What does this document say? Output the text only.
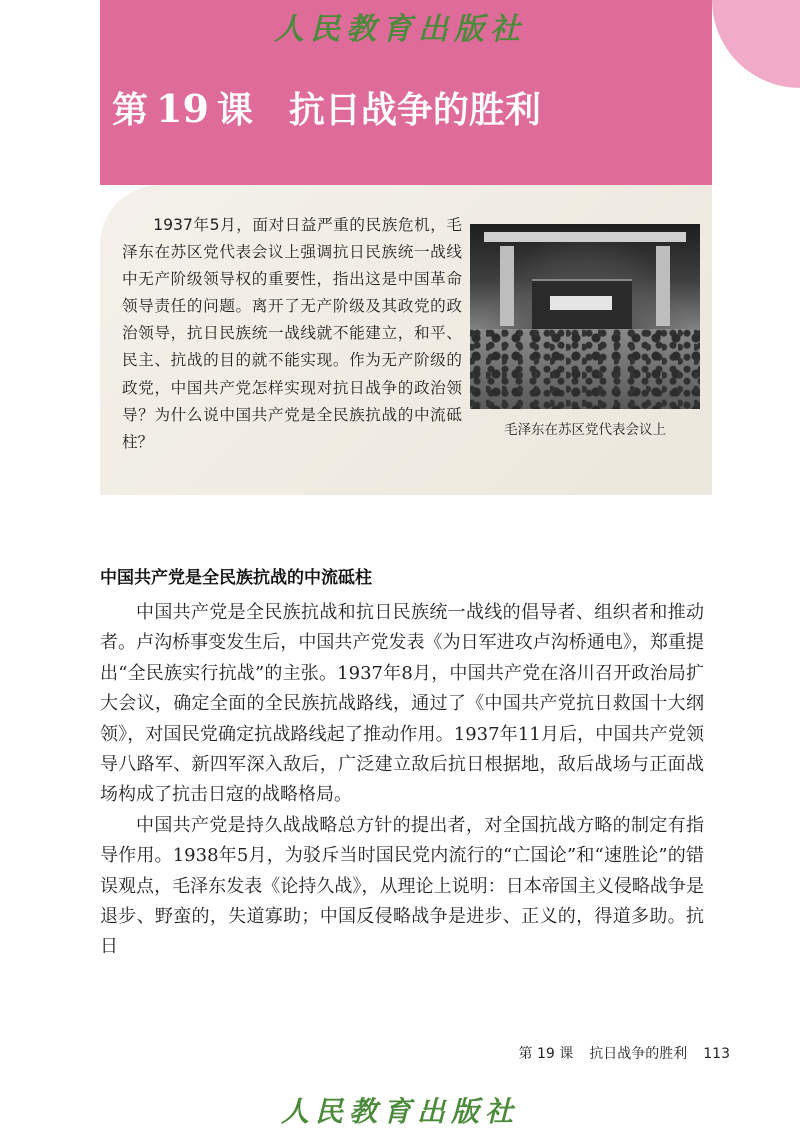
人民教育出版社
第 19 课 抗日战争的胜利
1937年5月，面对日益严重的民族危机，毛泽东在苏区党代表会议上强调抗日民族统一战线中无产阶级领导权的重要性，指出这是中国革命领导责任的问题。离开了无产阶级及其政党的政治领导，抗日民族统一战线就不能建立，和平、民主、抗战的目的就不能实现。作为无产阶级的政党，中国共产党怎样实现对抗日战争的政治领导？为什么说中国共产党是全民族抗战的中流砥柱？
毛泽东在苏区党代表会议上
中国共产党是全民族抗战的中流砥柱

中国共产党是全民族抗战和抗日民族统一战线的倡导者、组织者和推动者。卢沟桥事变发生后，中国共产党发表《为日军进攻卢沟桥通电》，郑重提出“全民族实行抗战”的主张。1937年8月，中国共产党在洛川召开政治局扩大会议，确定全面的全民族抗战路线，通过了《中国共产党抗日救国十大纲领》，对国民党确定抗战路线起了推动作用。1937年11月后，中国共产党领导八路军、新四军深入敌后，广泛建立敌后抗日根据地，敌后战场与正面战场构成了抗击日寇的战略格局。

中国共产党是持久战战略总方针的提出者，对全国抗战方略的制定有指导作用。1938年5月，为驳斥当时国民党内流行的“亡国论”和“速胜论”的错误观点，毛泽东发表《论持久战》，从理论上说明：日本帝国主义侵略战争是退步、野蛮的，失道寡助；中国反侵略战争是进步、正义的，得道多助。抗日

第 19 课 抗日战争的胜利 113
人民教育出版社
